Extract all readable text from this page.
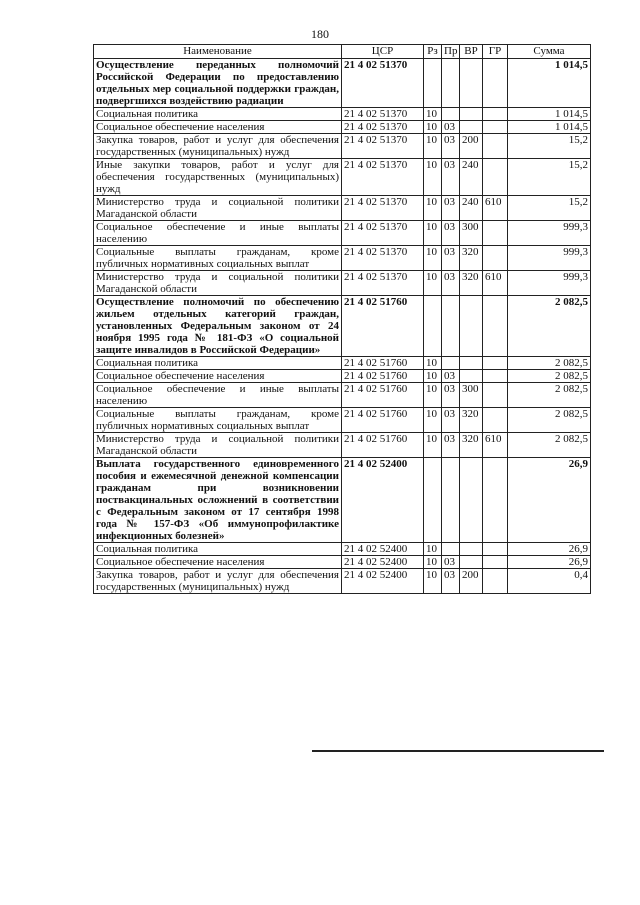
180
Наименование	ЦСР	Рз	Пр	ВР	ГР	Сумма
Осуществление переданных полномочий Российской Федерации по предоставлению отдельных мер социальной поддержки граждан, подвергшихся воздействию радиации	21 4 02 51370					1 014,5
Социальная политика	21 4 02 51370	10				1 014,5
Социальное обеспечение населения	21 4 02 51370	10	03			1 014,5
Закупка товаров, работ и услуг для обеспечения государственных (муниципальных) нужд	21 4 02 51370	10	03	200		15,2
Иные закупки товаров, работ и услуг для обеспечения государственных (муниципальных) нужд	21 4 02 51370	10	03	240		15,2
Министерство труда и социальной политики Магаданской области	21 4 02 51370	10	03	240	610	15,2
Социальное обеспечение и иные выплаты населению	21 4 02 51370	10	03	300		999,3
Социальные выплаты гражданам, кроме публичных нормативных социальных выплат	21 4 02 51370	10	03	320		999,3
Министерство труда и социальной политики Магаданской области	21 4 02 51370	10	03	320	610	999,3
Осуществление полномочий по обеспечению жильем отдельных категорий граждан, установленных Федеральным законом от 24 ноября 1995 года № 181-ФЗ «О социальной защите инвалидов в Российской Федерации»	21 4 02 51760					2 082,5
Социальная политика	21 4 02 51760	10				2 082,5
Социальное обеспечение населения	21 4 02 51760	10	03			2 082,5
Социальное обеспечение и иные выплаты населению	21 4 02 51760	10	03	300		2 082,5
Социальные выплаты гражданам, кроме публичных нормативных социальных выплат	21 4 02 51760	10	03	320		2 082,5
Министерство труда и социальной политики Магаданской области	21 4 02 51760	10	03	320	610	2 082,5
Выплата государственного единовременного пособия и ежемесячной денежной компенсации гражданам при возникновении поствакцинальных осложнений в соответствии с Федеральным законом от 17 сентября 1998 года № 157-ФЗ «Об иммунопрофилактике инфекционных болезней»	21 4 02 52400					26,9
Социальная политика	21 4 02 52400	10				26,9
Социальное обеспечение населения	21 4 02 52400	10	03			26,9
Закупка товаров, работ и услуг для обеспечения государственных (муниципальных) нужд	21 4 02 52400	10	03	200		0,4
